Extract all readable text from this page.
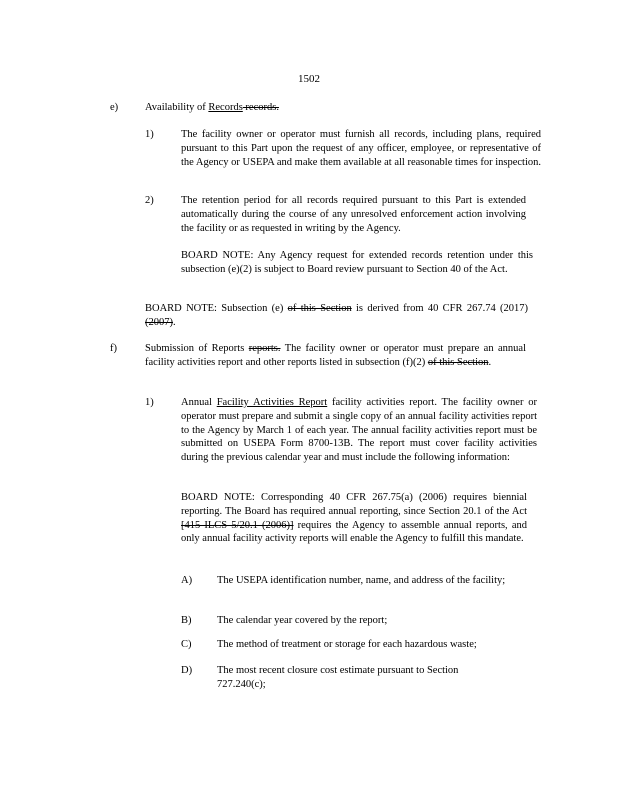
1502
e)	Availability of Records records.
1)	The facility owner or operator must furnish all records, including plans, required pursuant to this Part upon the request of any officer, employee, or representative of the Agency or USEPA and make them available at all reasonable times for inspection.
2)	The retention period for all records required pursuant to this Part is extended automatically during the course of any unresolved enforcement action involving the facility or as requested in writing by the Agency.
BOARD NOTE: Any Agency request for extended records retention under this subsection (e)(2) is subject to Board review pursuant to Section 40 of the Act.
BOARD NOTE: Subsection (e) of this Section is derived from 40 CFR 267.74 (2017) (2007).
f)	Submission of Reports reports. The facility owner or operator must prepare an annual facility activities report and other reports listed in subsection (f)(2) of this Section.
1)	Annual Facility Activities Report facility activities report. The facility owner or operator must prepare and submit a single copy of an annual facility activities report to the Agency by March 1 of each year. The annual facility activities report must be submitted on USEPA Form 8700-13B. The report must cover facility activities during the previous calendar year and must include the following information:
BOARD NOTE: Corresponding 40 CFR 267.75(a) (2006) requires biennial reporting. The Board has required annual reporting, since Section 20.1 of the Act [415 ILCS 5/20.1 (2006)] requires the Agency to assemble annual reports, and only annual facility activity reports will enable the Agency to fulfill this mandate.
A) The USEPA identification number, name, and address of the facility;
B) The calendar year covered by the report;
C) The method of treatment or storage for each hazardous waste;
D) The most recent closure cost estimate pursuant to Section 727.240(c);
